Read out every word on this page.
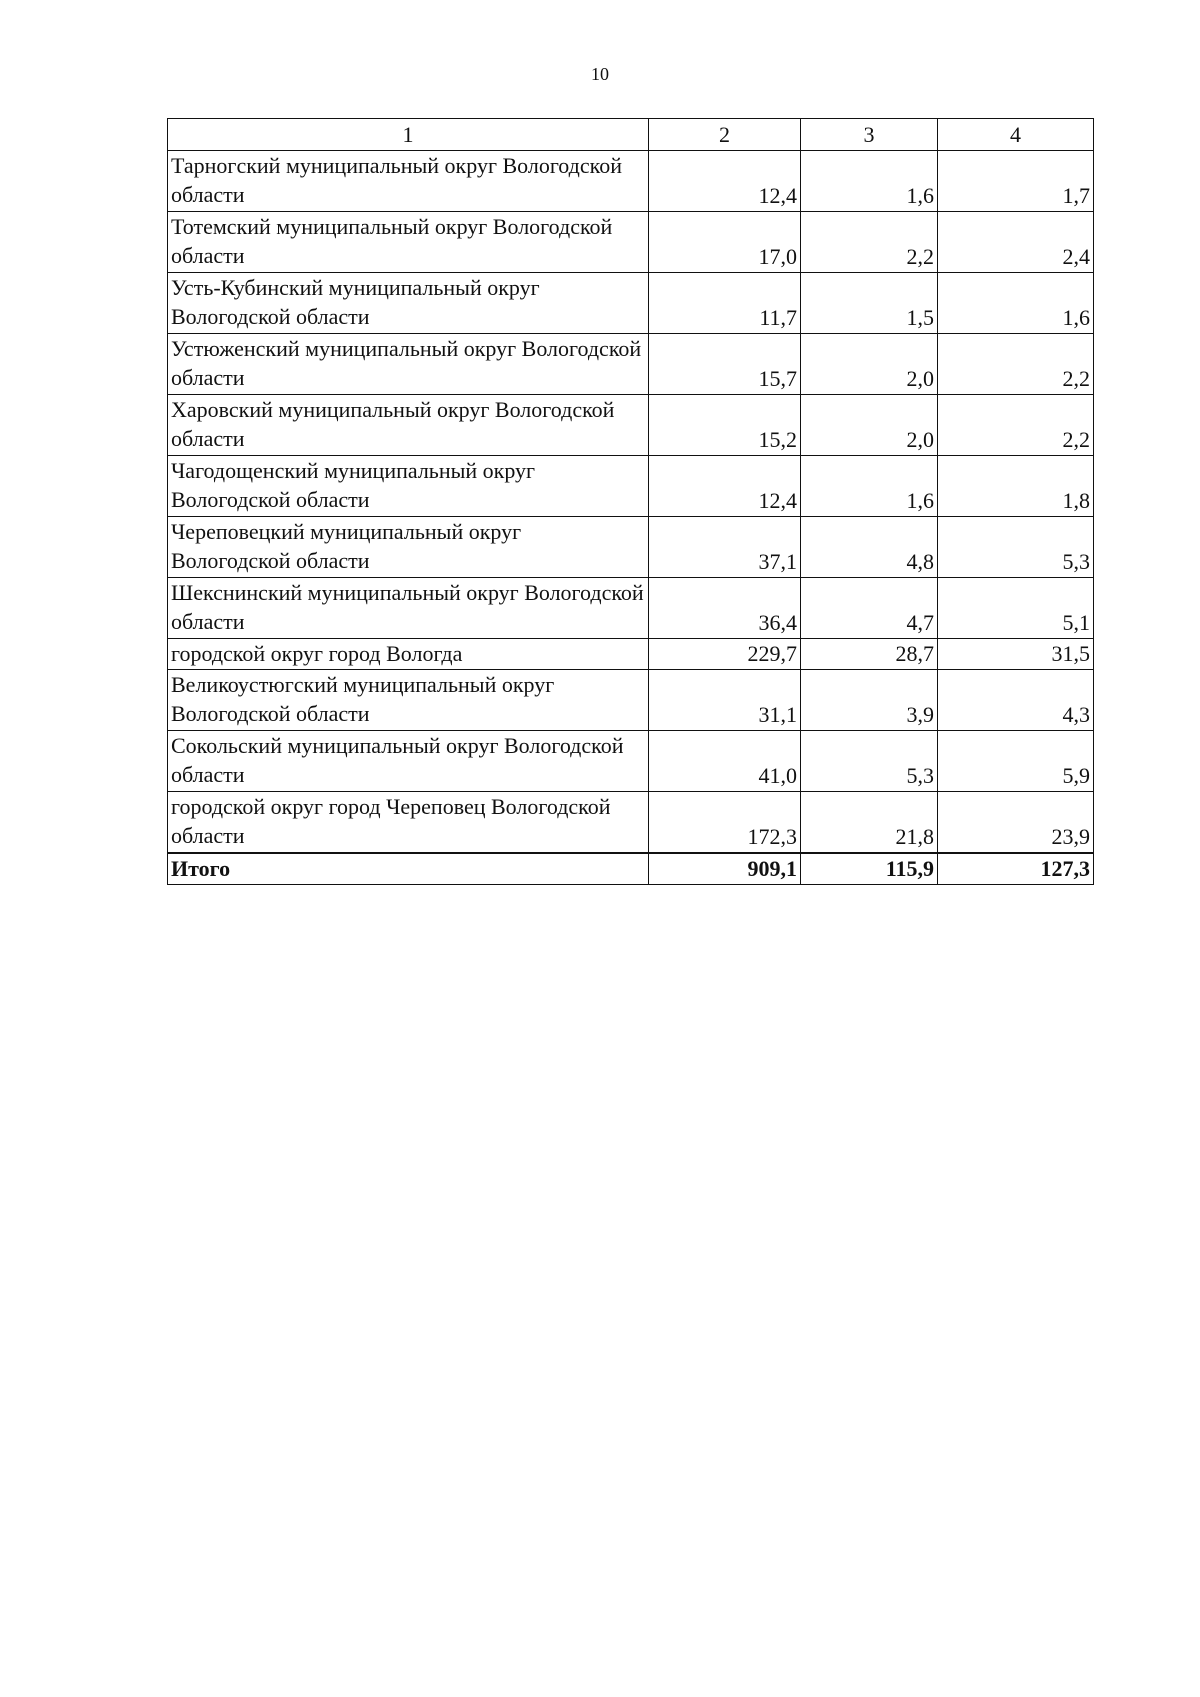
10
1	2	3	4
Тарногский муниципальный округ Вологодской области	12,4	1,6	1,7
Тотемский муниципальный округ Вологодской области	17,0	2,2	2,4
Усть-Кубинский муниципальный округ Вологодской области	11,7	1,5	1,6
Устюженский муниципальный округ Вологодской области	15,7	2,0	2,2
Харовский муниципальный округ Вологодской области	15,2	2,0	2,2
Чагодощенский муниципальный округ Вологодской области	12,4	1,6	1,8
Череповецкий муниципальный округ Вологодской области	37,1	4,8	5,3
Шекснинский муниципальный округ Вологодской области	36,4	4,7	5,1
городской округ город Вологда	229,7	28,7	31,5
Великоустюгский муниципальный округ Вологодской области	31,1	3,9	4,3
Сокольский муниципальный округ Вологодской области	41,0	5,3	5,9
городской округ город Череповец Вологодской области	172,3	21,8	23,9
Итого	909,1	115,9	127,3
